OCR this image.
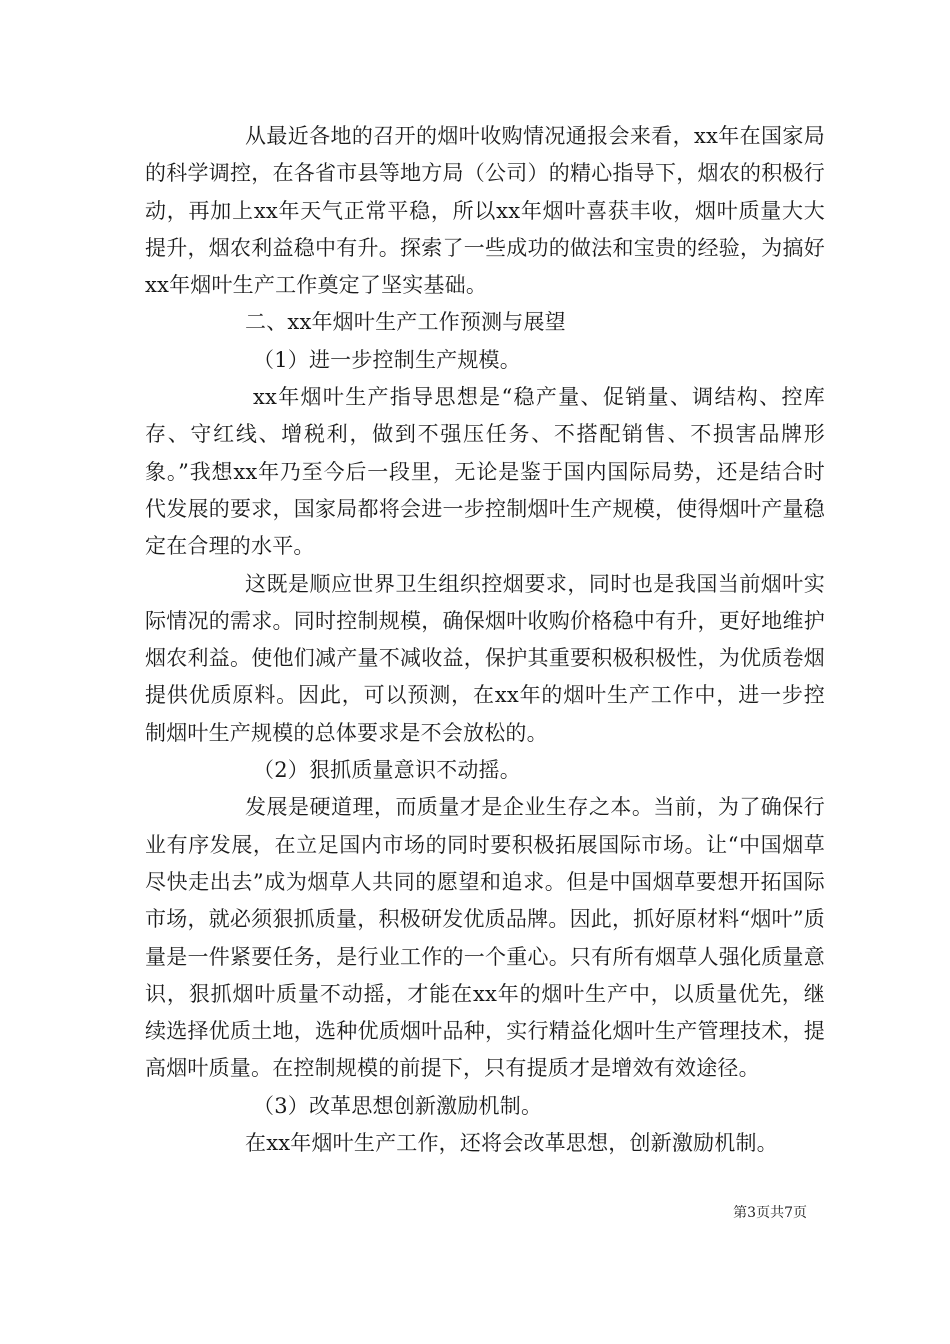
从最近各地的召开的烟叶收购情况通报会来看，xx年在国家局的科学调控，在各省市县等地方局（公司）的精心指导下，烟农的积极行动，再加上xx年天气正常平稳，所以xx年烟叶喜获丰收，烟叶质量大大提升，烟农利益稳中有升。探索了一些成功的做法和宝贵的经验，为搞好xx年烟叶生产工作奠定了坚实基础。

二、xx年烟叶生产工作预测与展望

（1）进一步控制生产规模。

xx年烟叶生产指导思想是“稳产量、促销量、调结构、控库存、守红线、增税利，做到不强压任务、不搭配销售、不损害品牌形象。”我想xx年乃至今后一段里，无论是鉴于国内国际局势，还是结合时代发展的要求，国家局都将会进一步控制烟叶生产规模，使得烟叶产量稳定在合理的水平。

这既是顺应世界卫生组织控烟要求，同时也是我国当前烟叶实际情况的需求。同时控制规模，确保烟叶收购价格稳中有升，更好地维护烟农利益。使他们减产量不减收益，保护其重要积极积极性，为优质卷烟提供优质原料。因此，可以预测，在xx年的烟叶生产工作中，进一步控制烟叶生产规模的总体要求是不会放松的。

（2）狠抓质量意识不动摇。

发展是硬道理，而质量才是企业生存之本。当前，为了确保行业有序发展，在立足国内市场的同时要积极拓展国际市场。让“中国烟草尽快走出去”成为烟草人共同的愿望和追求。但是中国烟草要想开拓国际市场，就必须狠抓质量，积极研发优质品牌。因此，抓好原材料“烟叶”质量是一件紧要任务，是行业工作的一个重心。只有所有烟草人强化质量意识，狠抓烟叶质量不动摇，才能在xx年的烟叶生产中，以质量优先，继续选择优质土地，选种优质烟叶品种，实行精益化烟叶生产管理技术，提高烟叶质量。在控制规模的前提下，只有提质才是增效有效途径。

（3）改革思想创新激励机制。

在xx年烟叶生产工作，还将会改革思想，创新激励机制。

第3页共7页
